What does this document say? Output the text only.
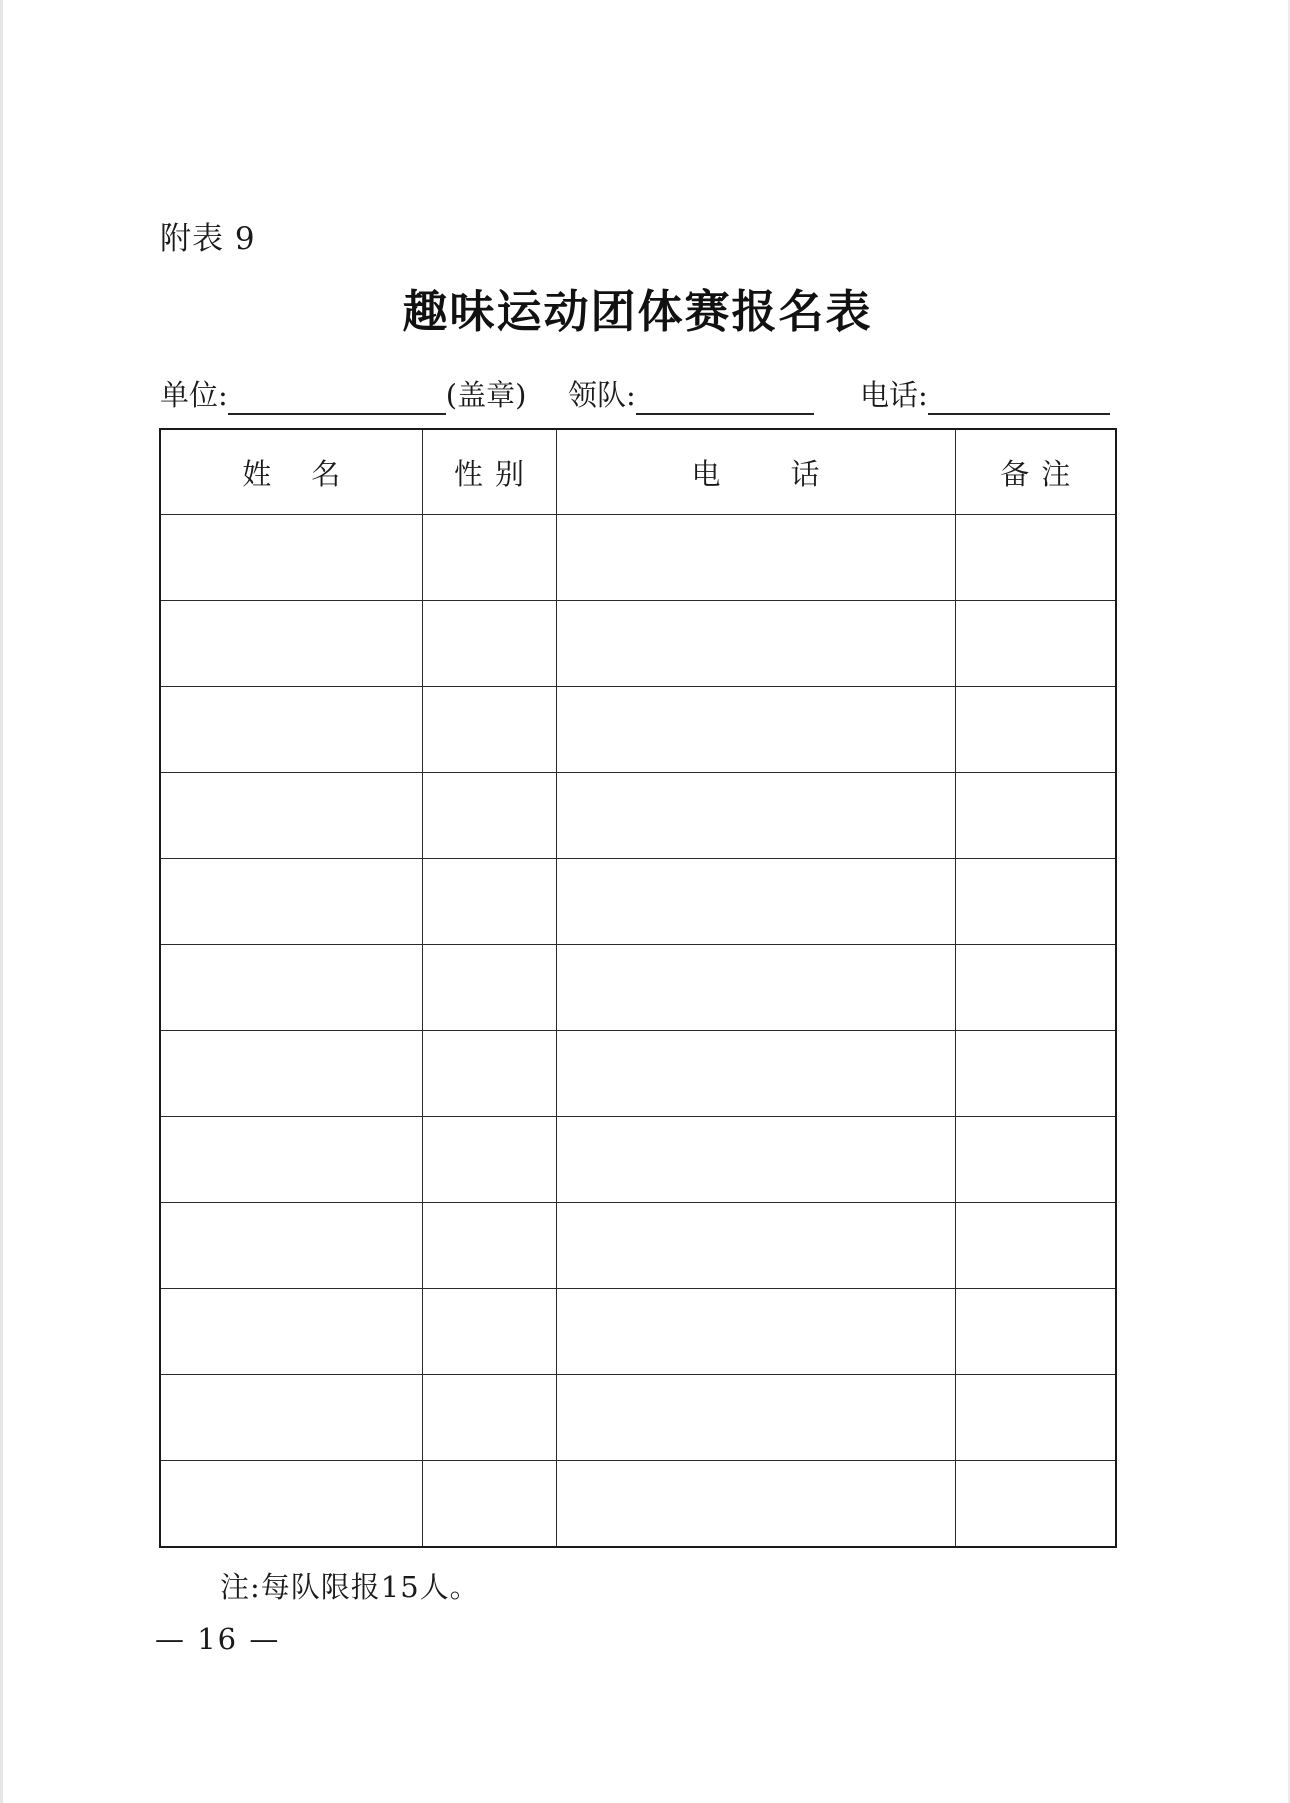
附表 9
趣味运动团体赛报名表
单位:	(盖章) 领队:	电话:
姓名	性别	电话	备注

注:每队限报15人。
— 16 —
